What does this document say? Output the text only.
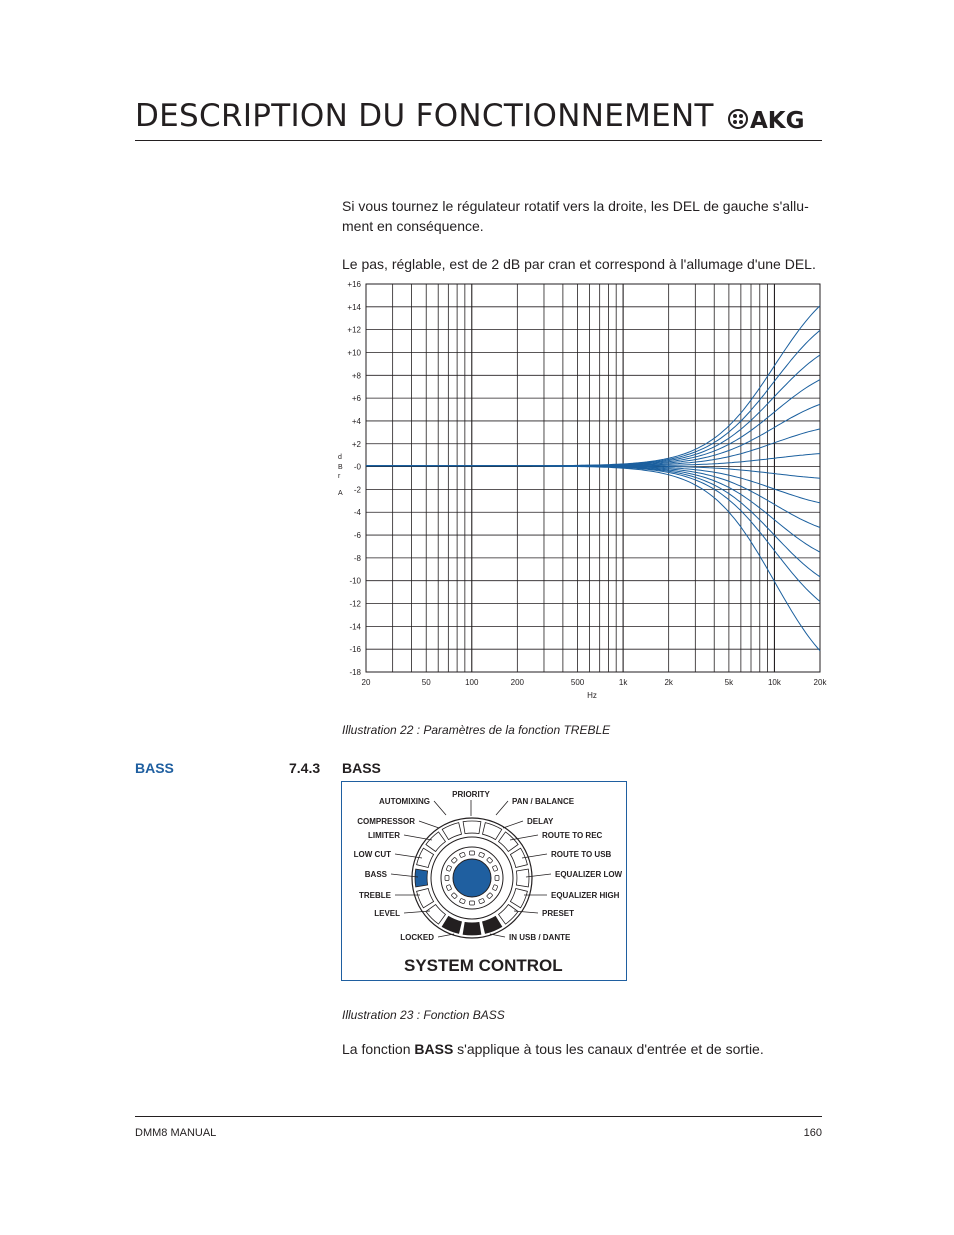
DESCRIPTION DU FONCTIONNEMENT AKG
Si vous tournez le régulateur rotatif vers la droite, les DEL de gauche s'allu-ment en conséquence.
Le pas, réglable, est de 2 dB par cran et correspond à l'allumage d'une DEL.
+16
+14
+12
+10
+8
+6
+4
+2
-0
-2
-4
-6
-8
-10
-12
-14
-16
-18
20	50	100	200	500	1k	2k	5k	10k	20k
d B r A
Hz
Illustration 22 : Paramètres de la fonction TREBLE
BASS	7.4.3 BASS
AUTOMIXING
COMPRESSOR
LIMITER
LOW CUT
BASS
TREBLE
LEVEL
LOCKED
PRIORITY
PAN / BALANCE
DELAY
ROUTE TO REC
ROUTE TO USB
EQUALIZER LOW
EQUALIZER HIGH
PRESET
IN USB / DANTE
SYSTEM CONTROL
Illustration 23 : Fonction BASS
La fonction BASS s'applique à tous les canaux d'entrée et de sortie.
DMM8 MANUAL	160
